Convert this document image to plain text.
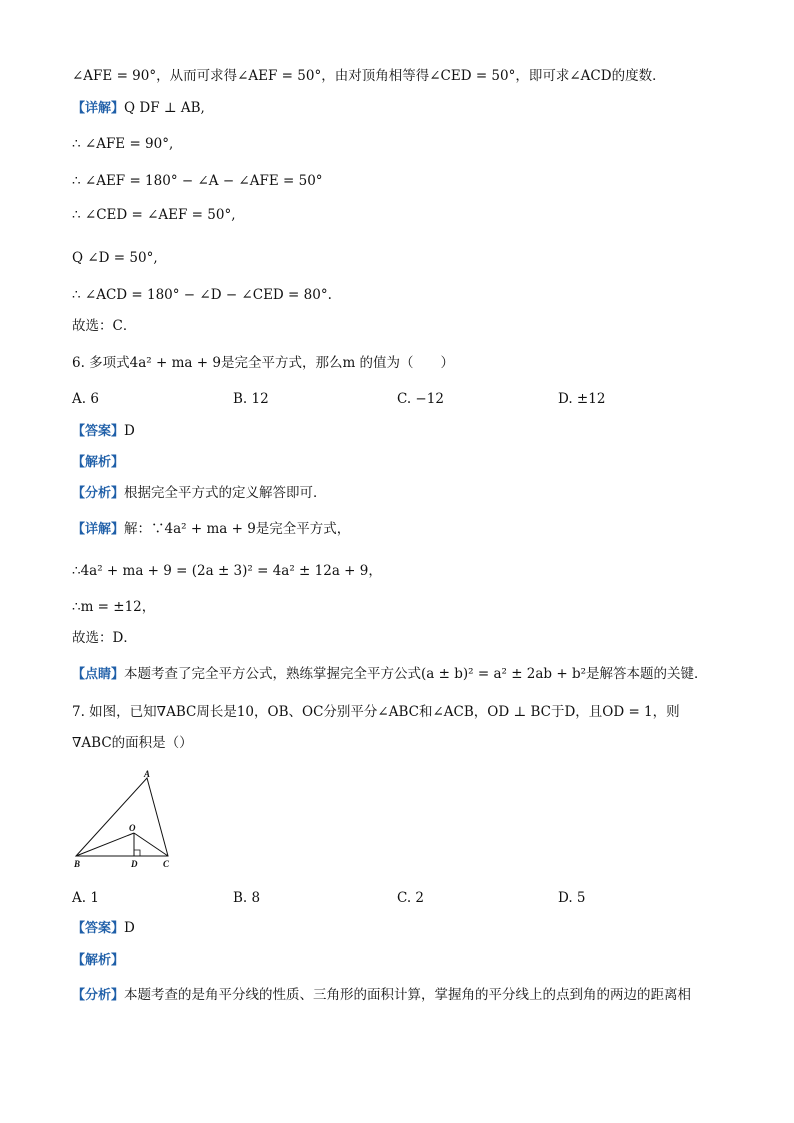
∠AFE = 90°，从而可求得∠AEF = 50°，由对顶角相等得∠CED = 50°，即可求∠ACD的度数．
【详解】Q DF ⊥ AB,
∴ ∠AFE = 90°,
∴ ∠AEF = 180° − ∠A − ∠AFE = 50°
∴ ∠CED = ∠AEF = 50°,
Q ∠D = 50°,
∴ ∠ACD = 180° − ∠D − ∠CED = 80°.
故选：C．
6. 多项式4a² + ma + 9是完全平方式，那么m 的值为（　　）
A. 6	B. 12	C. −12	D. ±12
【答案】D
【解析】
【分析】根据完全平方式的定义解答即可．
【详解】解：∵4a² + ma + 9是完全平方式，
∴4a² + ma + 9 = (2a ± 3)² = 4a² ± 12a + 9，
∴m = ±12，
故选：D．
【点睛】本题考查了完全平方公式，熟练掌握完全平方公式(a ± b)² = a² ± 2ab + b²是解答本题的关键．
7. 如图，已知∇ABC周长是10，OB、OC分别平分∠ABC和∠ACB，OD ⊥ BC于D，且OD = 1，则
∇ABC的面积是（）
A
O
B	D	C
A. 1	B. 8	C. 2	D. 5
【答案】D
【解析】
【分析】本题考查的是角平分线的性质、三角形的面积计算，掌握角的平分线上的点到角的两边的距离相
